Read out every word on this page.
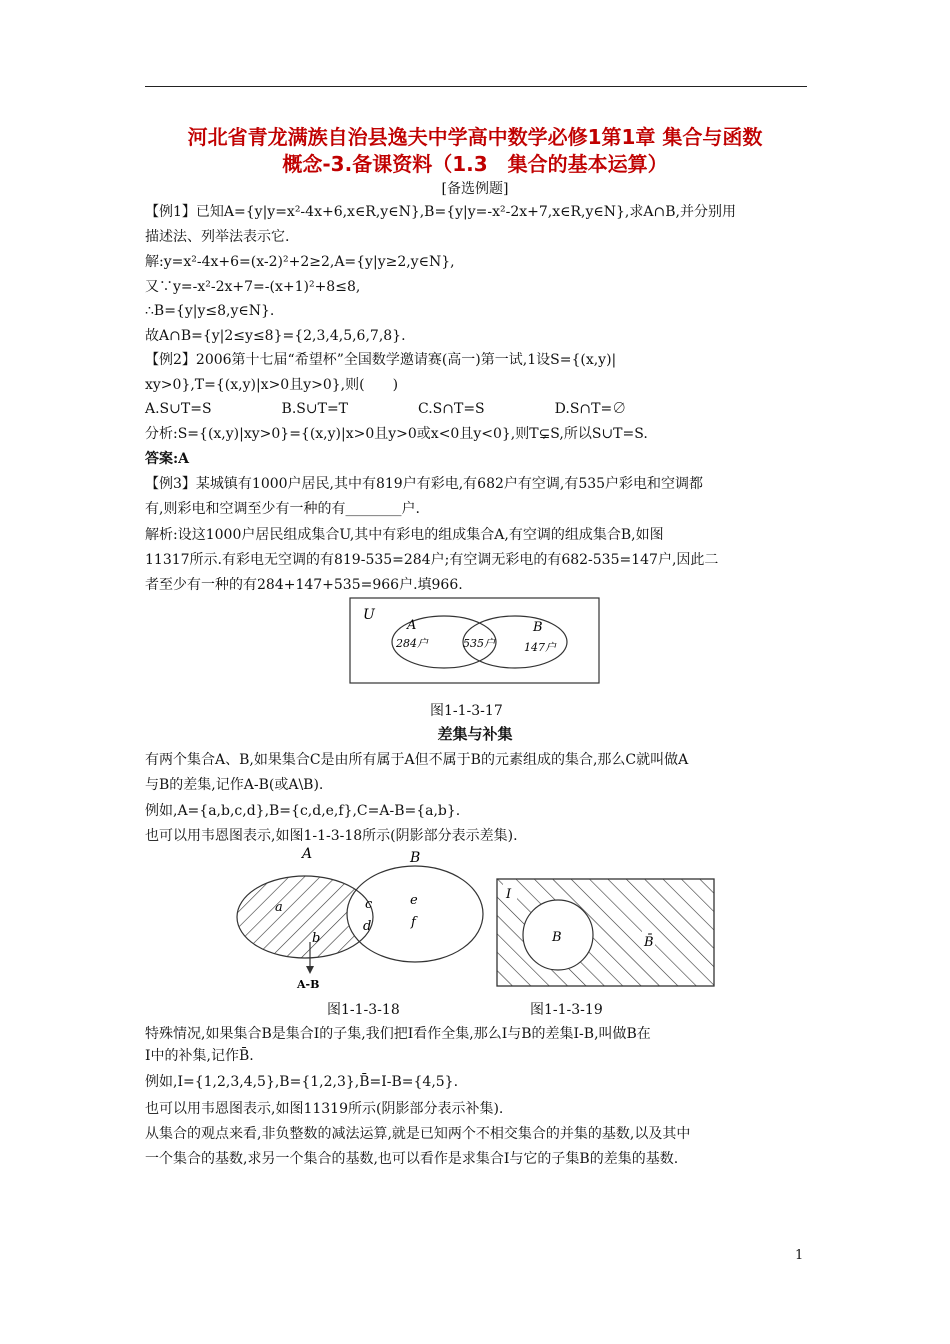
河北省青龙满族自治县逸夫中学高中数学必修1第1章 集合与函数
概念-3.备课资料（1.3　集合的基本运算）
[备选例题]
【例1】已知A={y|y=x²-4x+6,x∈R,y∈N},B={y|y=-x²-2x+7,x∈R,y∈N},求A∩B,并分别用
描述法、列举法表示它.
解:y=x²-4x+6=(x-2)²+2≥2,A={y|y≥2,y∈N},
又∵y=-x²-2x+7=-(x+1)²+8≤8,
∴B={y|y≤8,y∈N}.
故A∩B={y|2≤y≤8}={2,3,4,5,6,7,8}.
【例2】2006第十七届“希望杯”全国数学邀请赛(高一)第一试,1设S={(x,y)|
xy>0},T={(x,y)|x>0且y>0},则(　　)
A.S∪T=S　　　　　B.S∪T=T　　　　　C.S∩T=S　　　　　D.S∩T=∅
分析:S={(x,y)|xy>0}={(x,y)|x>0且y>0或x<0且y<0},则T⊊S,所以S∪T=S.
答案:A
【例3】某城镇有1000户居民,其中有819户有彩电,有682户有空调,有535户彩电和空调都
有,则彩电和空调至少有一种的有________户.
解析:设这1000户居民组成集合U,其中有彩电的组成集合A,有空调的组成集合B,如图
11317所示.有彩电无空调的有819-535=284户;有空调无彩电的有682-535=147户,因此二
者至少有一种的有284+147+535=966户.填966.
U
A
284户	535户
B
147户
图1-1-3-17
差集与补集
有两个集合A、B,如果集合C是由所有属于A但不属于B的元素组成的集合,那么C就叫做A
与B的差集,记作A-B(或A\B).
例如,A={a,b,c,d},B={c,d,e,f},C=A-B={a,b}.
也可以用韦恩图表示,如图1-1-3-18所示(阴影部分表示差集).
A	B
a
b
c
d
e
f
A-B
I
B	B̄
图1-1-3-18	图1-1-3-19
特殊情况,如果集合B是集合I的子集,我们把I看作全集,那么I与B的差集I-B,叫做B在
I中的补集,记作B̄.
例如,I={1,2,3,4,5},B={1,2,3},B̄=I-B={4,5}.
也可以用韦恩图表示,如图11319所示(阴影部分表示补集).
从集合的观点来看,非负整数的减法运算,就是已知两个不相交集合的并集的基数,以及其中
一个集合的基数,求另一个集合的基数,也可以看作是求集合I与它的子集B的差集的基数.
1
